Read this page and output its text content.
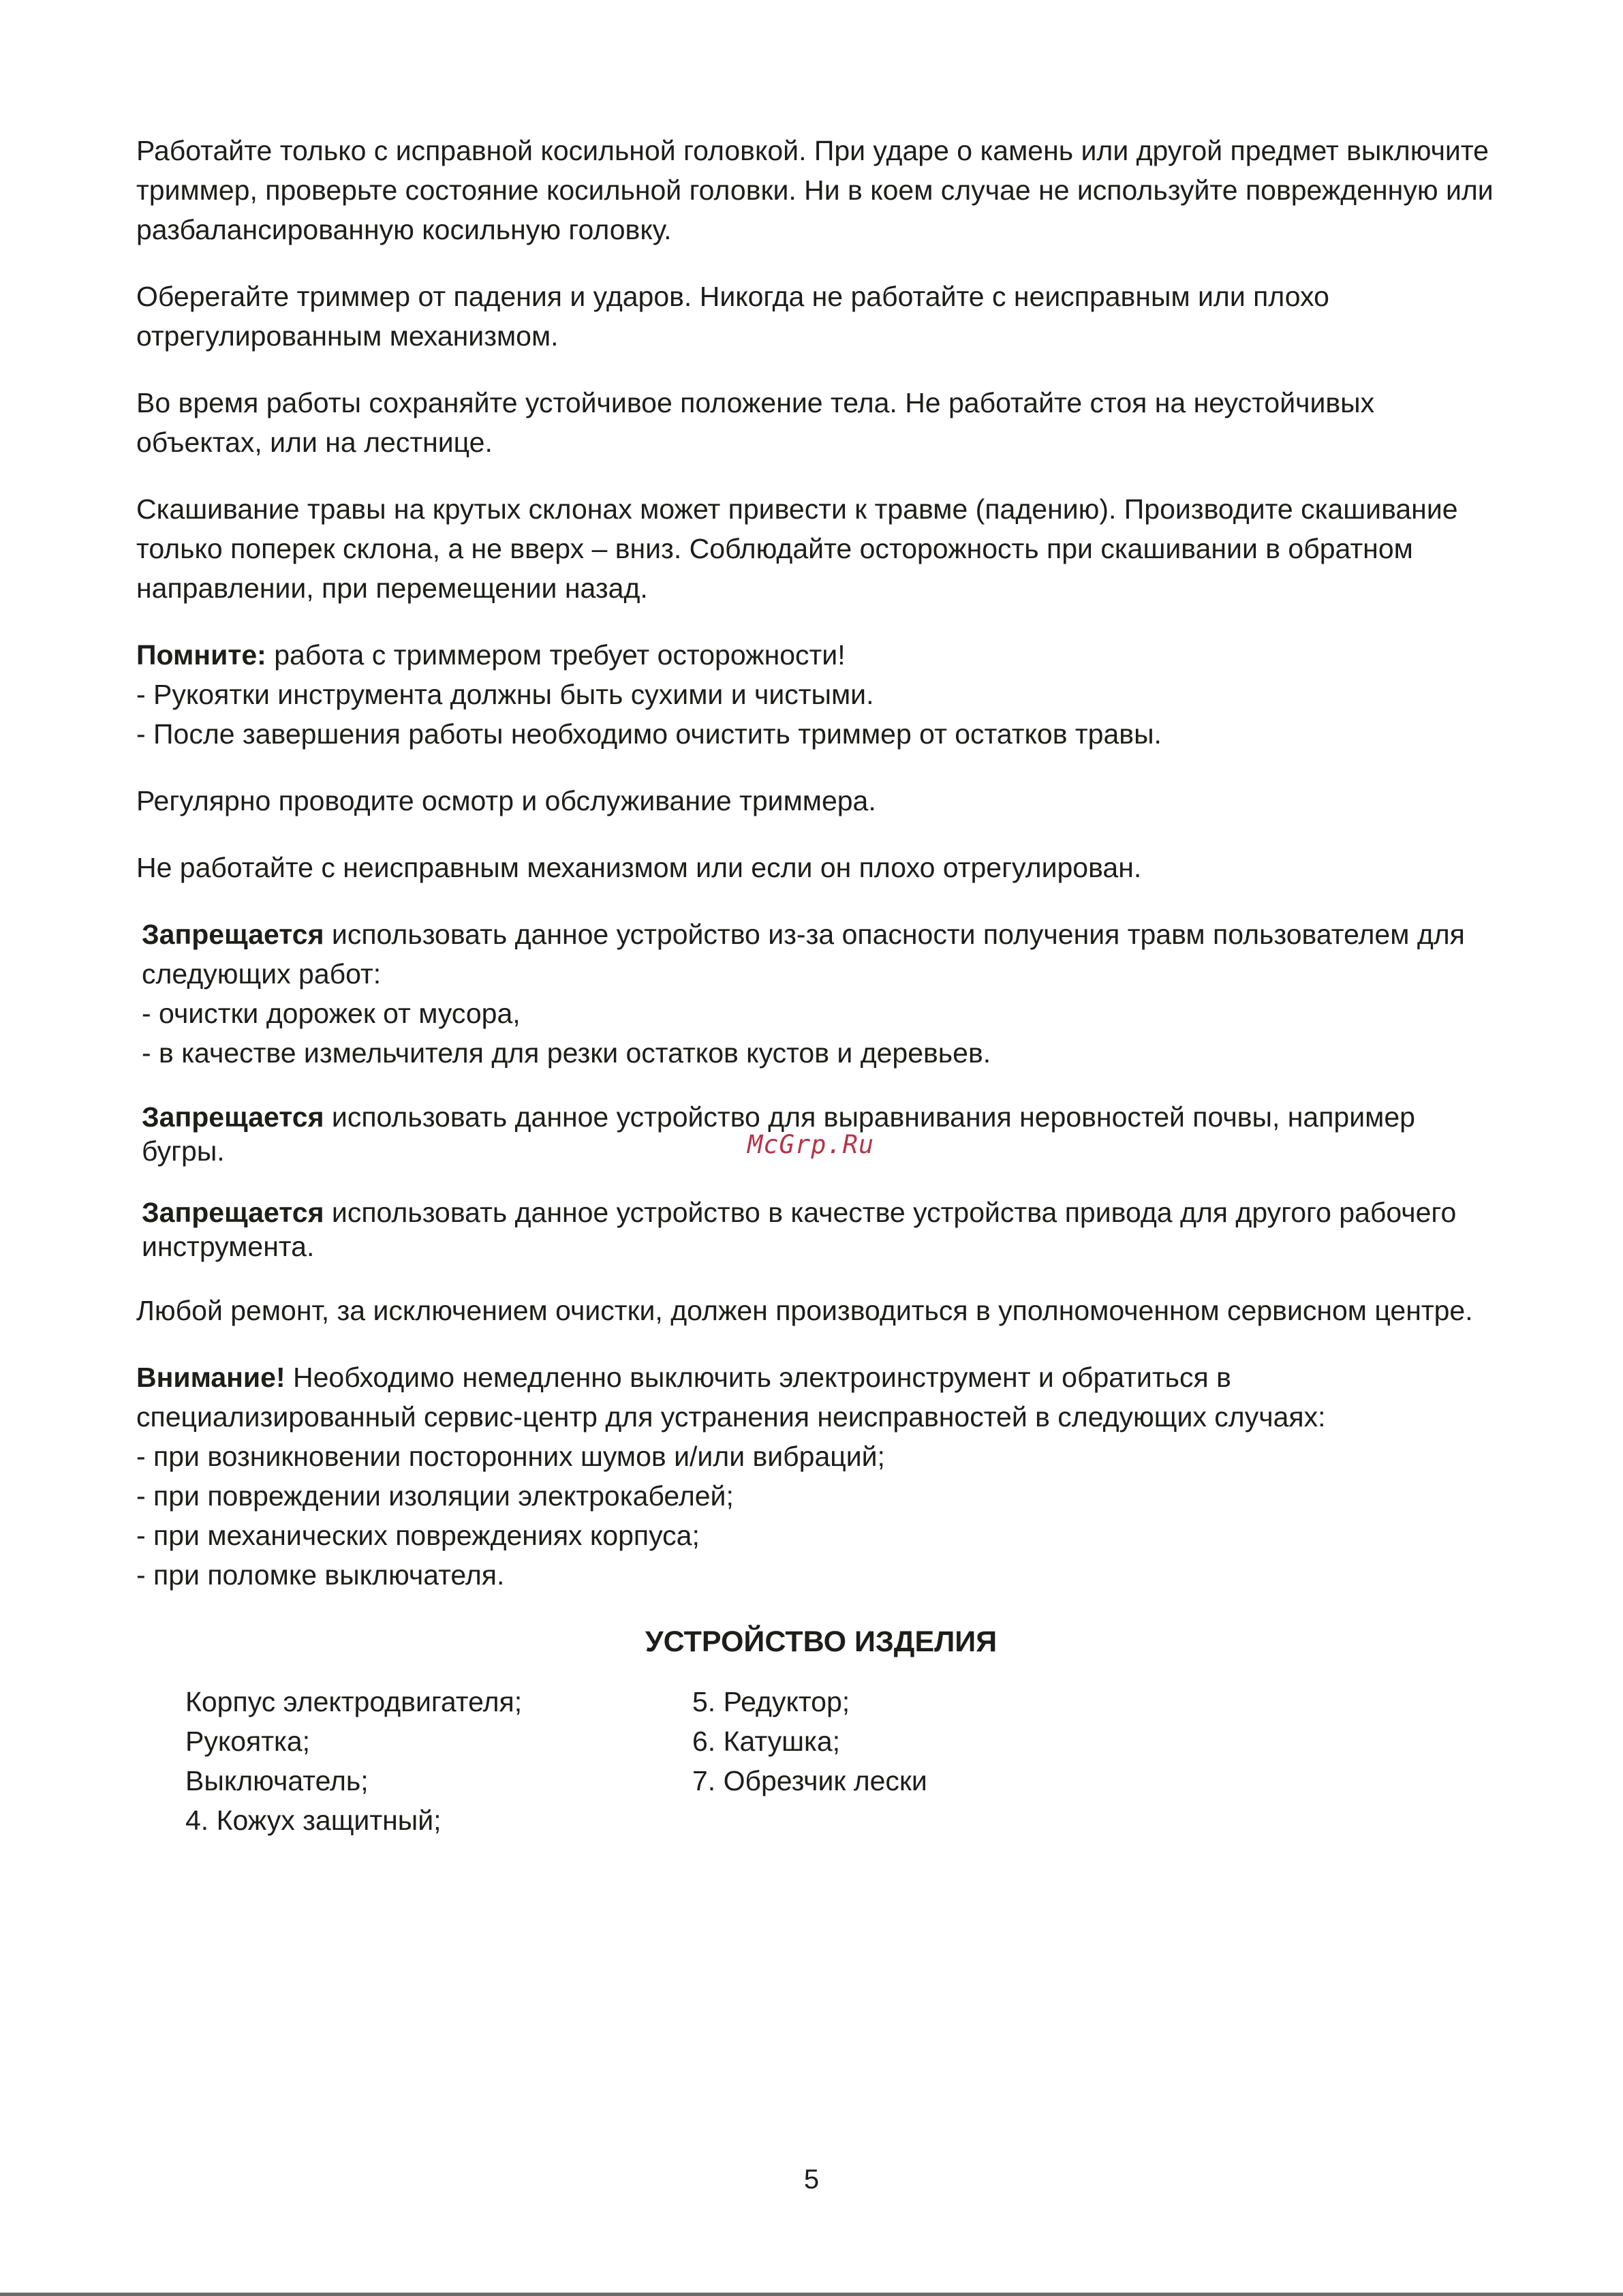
Работайте только с исправной косильной головкой. При ударе о камень или другой предмет выключите триммер, проверьте состояние косильной головки. Ни в коем случае не используйте поврежденную или разбалансированную косильную головку.

Оберегайте триммер от падения и ударов. Никогда не работайте с неисправным или плохо отрегулированным механизмом.

Во время работы сохраняйте устойчивое положение тела. Не работайте стоя на неустойчивых объектах, или на лестнице.

Скашивание травы на крутых склонах может привести к травме (падению). Производите скашивание только поперек склона, а не вверх – вниз. Соблюдайте осторожность при скашивании в обратном направлении, при перемещении назад.

Помните: работа с триммером требует осторожности!

- Рукоятки инструмента должны быть сухими и чистыми.

- После завершения работы необходимо очистить триммер от остатков травы.

Регулярно проводите осмотр и обслуживание триммера.

Не работайте с неисправным механизмом или если он плохо отрегулирован.

Запрещается использовать данное устройство из-за опасности получения травм пользователем для следующих работ:

- очистки дорожек от мусора,

- в качестве измельчителя для резки остатков кустов и деревьев.

Запрещается использовать данное устройство для выравнивания неровностей почвы, например бугры.

Запрещается использовать данное устройство в качестве устройства привода для другого рабочего инструмента.

Любой ремонт, за исключением очистки, должен производиться в уполномоченном сервисном центре.

Внимание! Необходимо немедленно выключить электроинструмент и обратиться в специализированный сервис-центр для устранения неисправностей в следующих случаях:

- при возникновении посторонних шумов и/или вибраций;

- при повреждении изоляции электрокабелей;

- при механических повреждениях корпуса;

- при поломке выключателя.

УСТРОЙСТВО ИЗДЕЛИЯ

Корпус электродвигателя;

Рукоятка;

Выключатель;

4. Кожух защитный;

5. Редуктор;

6. Катушка;

7. Обрезчик лески

McGrp.Ru
5
